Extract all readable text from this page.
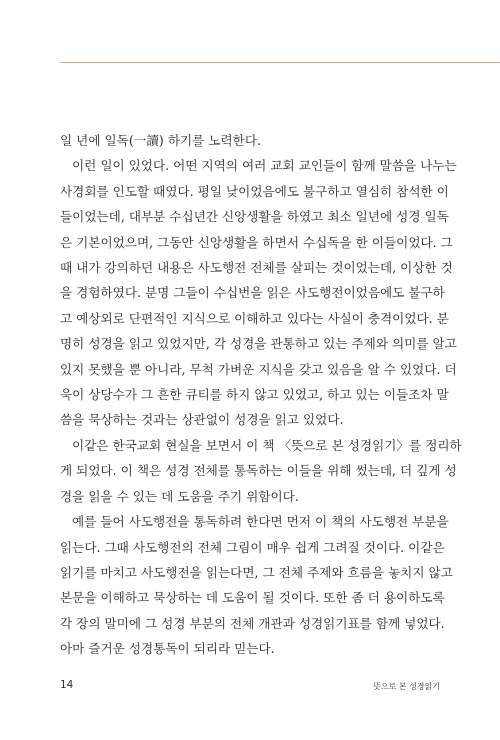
일 년에 일독(一讀) 하기를 노력한다.
이런 일이 있었다. 어떤 지역의 여러 교회 교인들이 함께 말씀을 나누는
사경회를 인도할 때였다. 평일 낮이었음에도 불구하고 열심히 참석한 이
들이었는데, 대부분 수십년간 신앙생활을 하였고 최소 일년에 성경 일독
은 기본이었으며, 그동안 신앙생활을 하면서 수십독을 한 이들이었다. 그
때 내가 강의하던 내용은 사도행전 전체를 살피는 것이었는데, 이상한 것
을 경험하였다. 분명 그들이 수십번을 읽은 사도행전이었음에도 불구하
고 예상외로 단편적인 지식으로 이해하고 있다는 사실이 충격이었다. 분
명히 성경을 읽고 있었지만, 각 성경을 관통하고 있는 주제와 의미를 알고
있지 못했을 뿐 아니라, 무척 가벼운 지식을 갖고 있음을 알 수 있었다. 더
욱이 상당수가 그 흔한 큐티를 하지 않고 있었고, 하고 있는 이들조차 말
씀을 묵상하는 것과는 상관없이 성경을 읽고 있었다.
이같은 한국교회 현실을 보면서 이 책 〈뜻으로 본 성경읽기〉를 정리하
게 되었다. 이 책은 성경 전체를 통독하는 이들을 위해 썼는데, 더 깊게 성
경을 읽을 수 있는 데 도움을 주기 위함이다.
예를 들어 사도행전을 통독하려 한다면 먼저 이 책의 사도행전 부분을
읽는다. 그때 사도행전의 전체 그림이 매우 쉽게 그려질 것이다. 이같은
읽기를 마치고 사도행전을 읽는다면, 그 전체 주제와 흐름을 놓치지 않고
본문을 이해하고 묵상하는 데 도움이 될 것이다. 또한 좀 더 용이하도록
각 장의 말미에 그 성경 부분의 전체 개관과 성경읽기표를 함께 넣었다.
아마 즐거운 성경통독이 되리라 믿는다.
14	뜻으로 본 성경읽기
